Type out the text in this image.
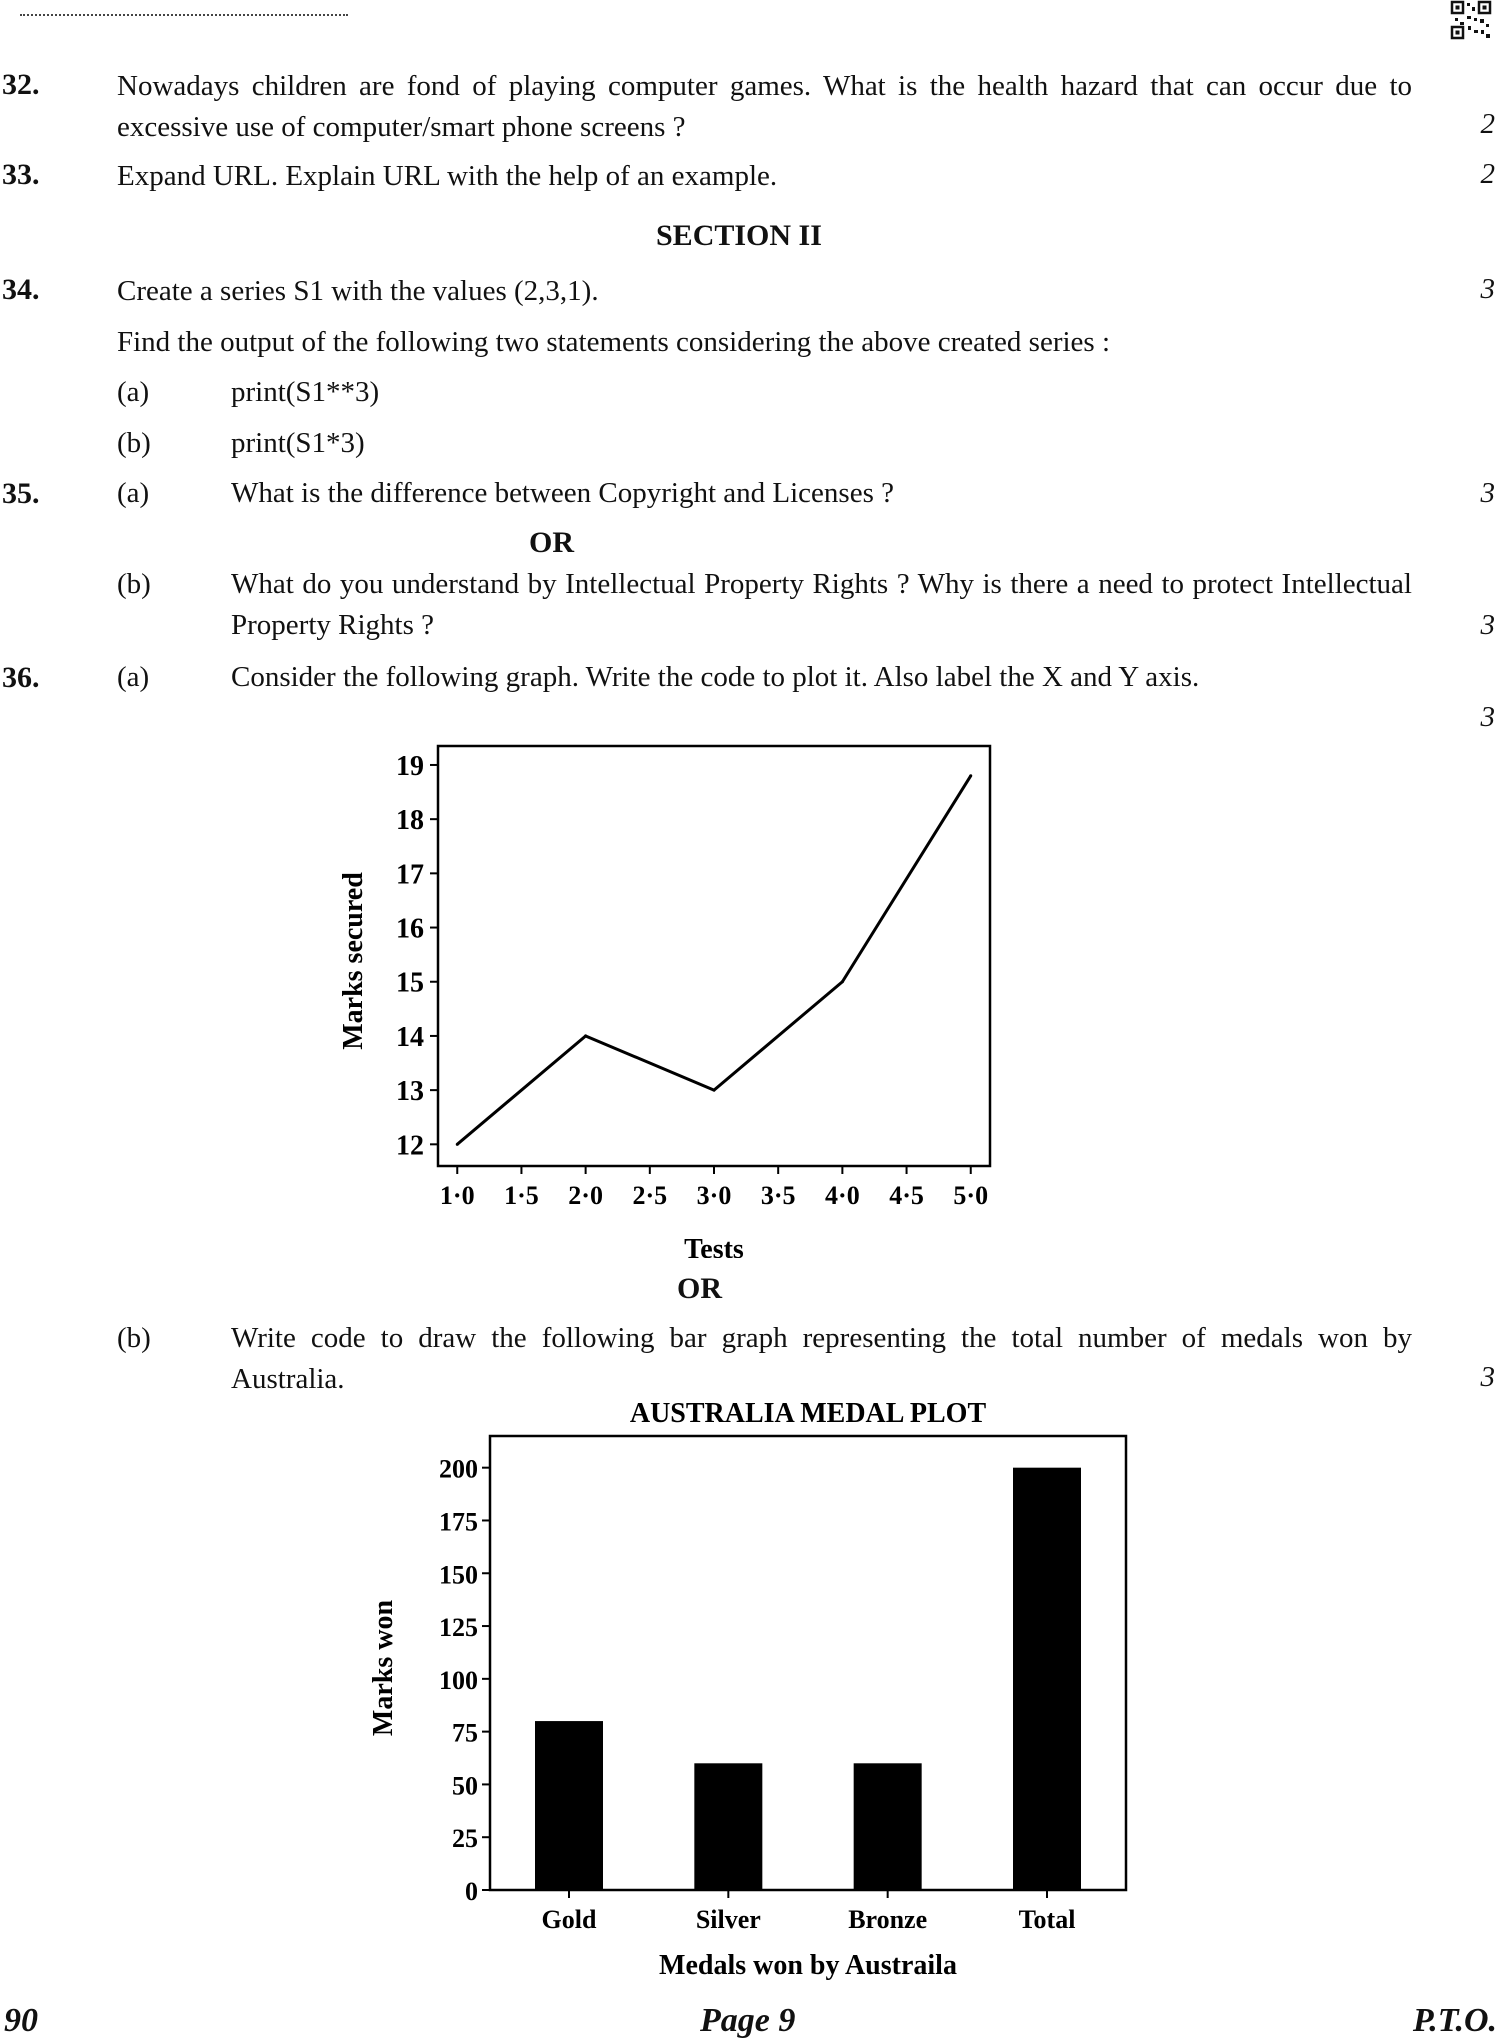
32.	Nowadays children are fond of playing computer games. What is the health hazard that can occur due to excessive use of computer/smart phone screens ?	2
33.	Expand URL. Explain URL with the help of an example.	2
SECTION II
34.	Create a series S1 with the values (2,3,1).	3
Find the output of the following two statements considering the above created series :
(a)	print(S1**3)
(b)	print(S1*3)
35.	(a)	What is the difference between Copyright and Licenses ?	3
OR
(b)	What do you understand by Intellectual Property Rights ? Why is there a need to protect Intellectual Property Rights ?	3
36.	(a)	Consider the following graph. Write the code to plot it. Also label the X and Y axis.
3
12
13
14
15
16
17
18
19
1·0 1·5 2·0 2·5 3·0 3·5 4·0 4·5 5·0
Tests
Marks secured
OR
(b)	Write code to draw the following bar graph representing the total number of medals won by Australia.	3
AUSTRALIA MEDAL PLOT
0
25
50
75
100
125
150
175
200
Gold	Silver	Bronze	Total
Medals won by Austraila
Marks won
90	Page 9	P.T.O.
